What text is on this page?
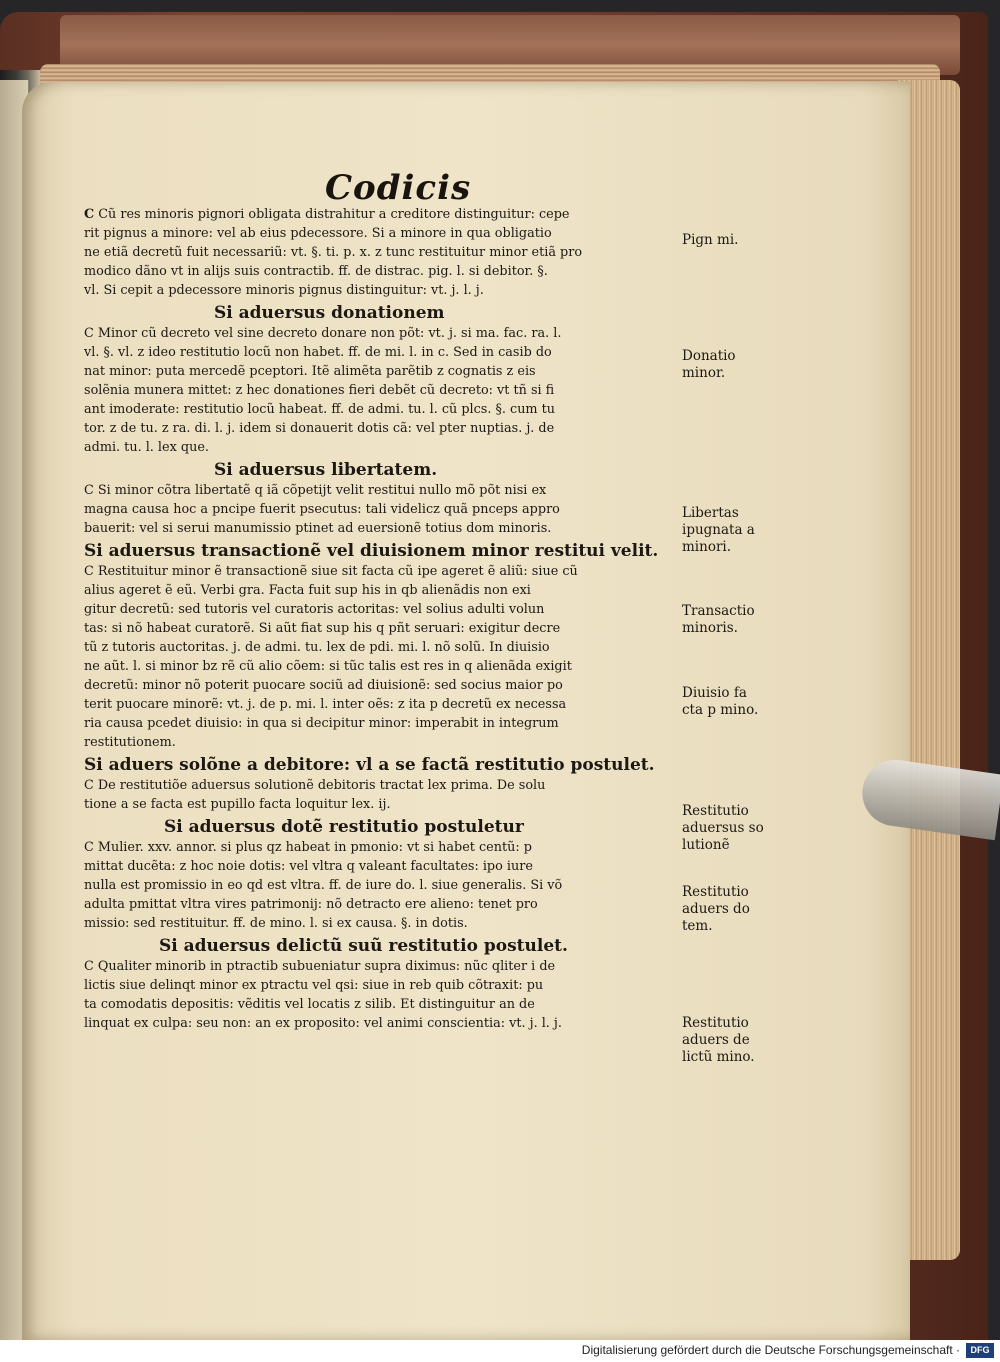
Codicis
C Cũ res minoris pignori obligata distrahitur a creditore distinguitur: cepe
rit pignus a minore: vel ab eius pdecessore. Si a minore in qua obligatio
ne etiã decretũ fuit necessariũ: vt. §. ti. p. x. z tunc restituitur minor etiã pro
modico dãno vt in alijs suis contractib. ff. de distrac. pig. l. si debitor. §.
vl. Si cepit a pdecessore minoris pignus distinguitur: vt. j. l. j.
Si aduersus donationem
C Minor cũ decreto vel sine decreto donare non põt: vt. j. si ma. fac. ra. l.
vl. §. vl. z ideo restitutio locũ non habet. ff. de mi. l. in c. Sed in casib do
nat minor: puta mercedẽ pceptori. Itẽ alimẽta parẽtib z cognatis z eis
solẽnia munera mittet: z hec donationes fieri debẽt cũ decreto: vt tñ si fi
ant imoderate: restitutio locũ habeat. ff. de admi. tu. l. cũ plcs. §. cum tu
tor. z de tu. z ra. di. l. j. idem si donauerit dotis cã: vel pter nuptias. j. de
admi. tu. l. lex que.
Si aduersus libertatem.
C Si minor cõtra libertatẽ q iã cõpetijt velit restitui nullo mõ põt nisi ex
magna causa hoc a pncipe fuerit psecutus: tali videlicz quã pnceps appro
bauerit: vel si serui manumissio ptinet ad euersionẽ totius dom minoris.
Si aduersus transactionẽ vel diuisionem minor restitui velit.
C Restituitur minor ẽ transactionẽ siue sit facta cũ ipe ageret ẽ aliũ: siue cũ
alius ageret ẽ eũ. Verbi gra. Facta fuit sup his in qb alienãdis non exi
gitur decretũ: sed tutoris vel curatoris actoritas: vel solius adulti volun
tas: si nõ habeat curatorẽ. Si aũt fiat sup his q pñt seruari: exigitur decre
tũ z tutoris auctoritas. j. de admi. tu. lex de pdi. mi. l. nõ solũ. In diuisio
ne aũt. l. si minor bz rẽ cũ alio cõem: si tũc talis est res in q alienãda exigit
decretũ: minor nõ poterit puocare sociũ ad diuisionẽ: sed socius maior po
terit puocare minorẽ: vt. j. de p. mi. l. inter oẽs: z ita p decretũ ex necessa
ria causa pcedet diuisio: in qua si decipitur minor: imperabit in integrum
restitutionem.
Si aduers solõne a debitore: vl a se factã restitutio postulet.
C De restitutiõe aduersus solutionẽ debitoris tractat lex prima. De solu
tione a se facta est pupillo facta loquitur lex. ij.
Si aduersus dotẽ restitutio postuletur
C Mulier. xxv. annor. si plus qz habeat in pmonio: vt si habet centũ: p
mittat ducẽta: z hoc noie dotis: vel vltra q valeant facultates: ipo iure
nulla est promissio in eo qd est vltra. ff. de iure do. l. siue generalis. Si võ
adulta pmittat vltra vires patrimonij: nõ detracto ere alieno: tenet pro
missio: sed restituitur. ff. de mino. l. si ex causa. §. in dotis.
Si aduersus delictũ suũ restitutio postulet.
C Qualiter minorib in ptractib subueniatur supra diximus: nũc qliter i de
lictis siue delinqt minor ex ptractu vel qsi: siue in reb quib cõtraxit: pu
ta comodatis depositis: vẽditis vel locatis z silib. Et distinguitur an de
linquat ex culpa: seu non: an ex proposito: vel animi conscientia: vt. j. l. j.
Pign mi.
Donatio
minor.
Libertas
ipugnata a
minori.
Transactio
minoris.
Diuisio fa
cta p mino.
Restitutio
aduersus so
lutionẽ
Restitutio
aduers do
tem.
Restitutio
aduers de
lictũ mino.
Digitalisierung gefördert durch die Deutsche Forschungsgemeinschaft ·	DFG
